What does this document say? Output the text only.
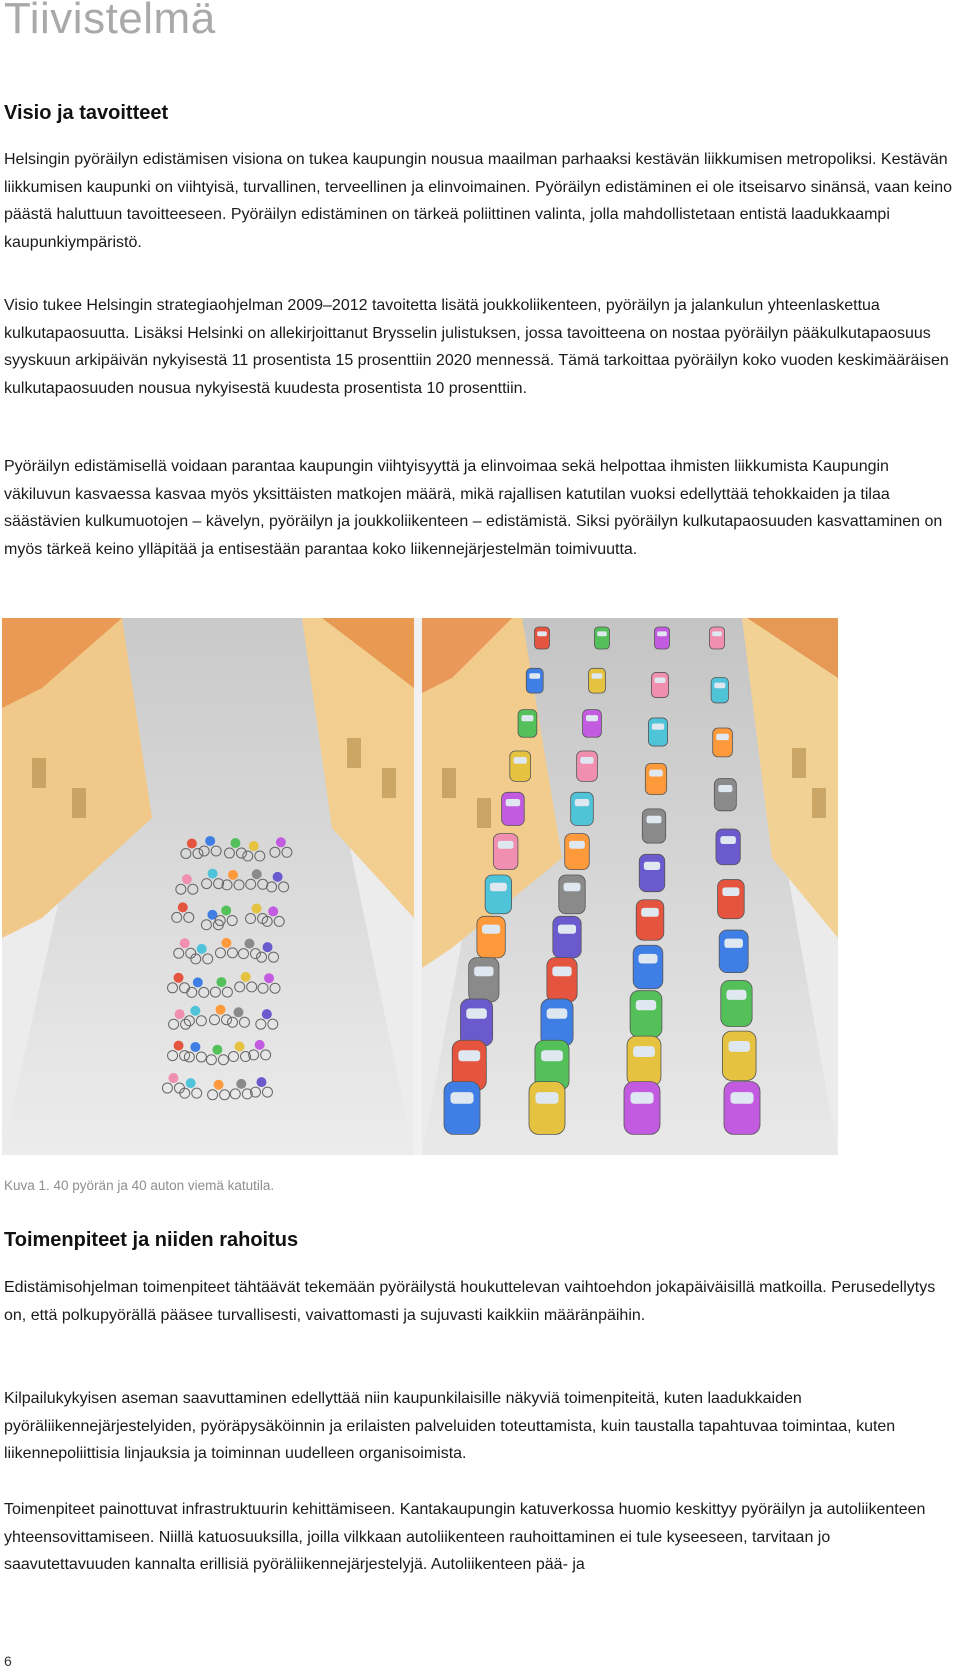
Tiivistelmä
Visio ja tavoitteet

Helsingin pyöräilyn edistämisen visiona on tukea kaupungin nousua maailman parhaaksi kestävän liikkumisen metropoliksi. Kestävän liikkumisen kaupunki on viihtyisä, turvallinen, terveellinen ja elinvoimainen. Pyöräilyn edistäminen ei ole itseisarvo sinänsä, vaan keino päästä haluttuun tavoitteeseen. Pyöräilyn edistäminen on tärkeä poliittinen valinta, jolla mahdollistetaan entistä laadukkaampi kaupunkiympäristö.

Visio tukee Helsingin strategiaohjelman 2009–2012 tavoitetta lisätä joukkoliikenteen, pyöräilyn ja jalankulun yhteenlaskettua kulkutapaosuutta. Lisäksi Helsinki on allekirjoittanut Brysselin julistuksen, jossa tavoitteena on nostaa pyöräilyn pääkulkutapaosuus syyskuun arkipäivän nykyisestä 11 prosentista 15 prosenttiin 2020 mennessä. Tämä tarkoittaa pyöräilyn koko vuoden keskimääräisen kulkutapaosuuden nousua nykyisestä kuudesta prosentista 10 prosenttiin.

Pyöräilyn edistämisellä voidaan parantaa kaupungin viihtyisyyttä ja elinvoimaa sekä helpottaa ihmisten liikkumista Kaupungin väkiluvun kasvaessa kasvaa myös yksittäisten matkojen määrä, mikä rajallisen katutilan vuoksi edellyttää tehokkaiden ja tilaa säästävien kulkumuotojen – kävelyn, pyöräilyn ja joukkoliikenteen – edistämistä. Siksi pyöräilyn kulkutapaosuuden kasvattaminen on myös tärkeä keino ylläpitää ja entisestään parantaa koko liikennejärjestelmän toimivuutta.

Kuva 1. 40 pyörän ja 40 auton viemä katutila.

Toimenpiteet ja niiden rahoitus

Edistämisohjelman toimenpiteet tähtäävät tekemään pyöräilystä houkuttelevan vaihtoehdon jokapäiväisillä matkoilla. Perusedellytys on, että polkupyörällä pääsee turvallisesti, vaivattomasti ja sujuvasti kaikkiin määränpäihin.

Kilpailukykyisen aseman saavuttaminen edellyttää niin kaupunkilaisille näkyviä toimenpiteitä, kuten laadukkaiden pyöräliikennejärjestelyiden, pyöräpysäköinnin ja erilaisten palveluiden toteuttamista, kuin taustalla tapahtuvaa toimintaa, kuten liikennepoliittisia linjauksia ja toiminnan uudelleen organisoimista.

Toimenpiteet painottuvat infrastruktuurin kehittämiseen. Kantakaupungin katuverkossa huomio keskittyy pyöräilyn ja autoliikenteen yhteensovittamiseen. Niillä katuosuuksilla, joilla vilkkaan autoliikenteen rauhoittaminen ei tule kyseeseen, tarvitaan jo saavutettavuuden kannalta erillisiä pyöräliikennejärjestelyjä. Autoliikenteen pää- ja

6
